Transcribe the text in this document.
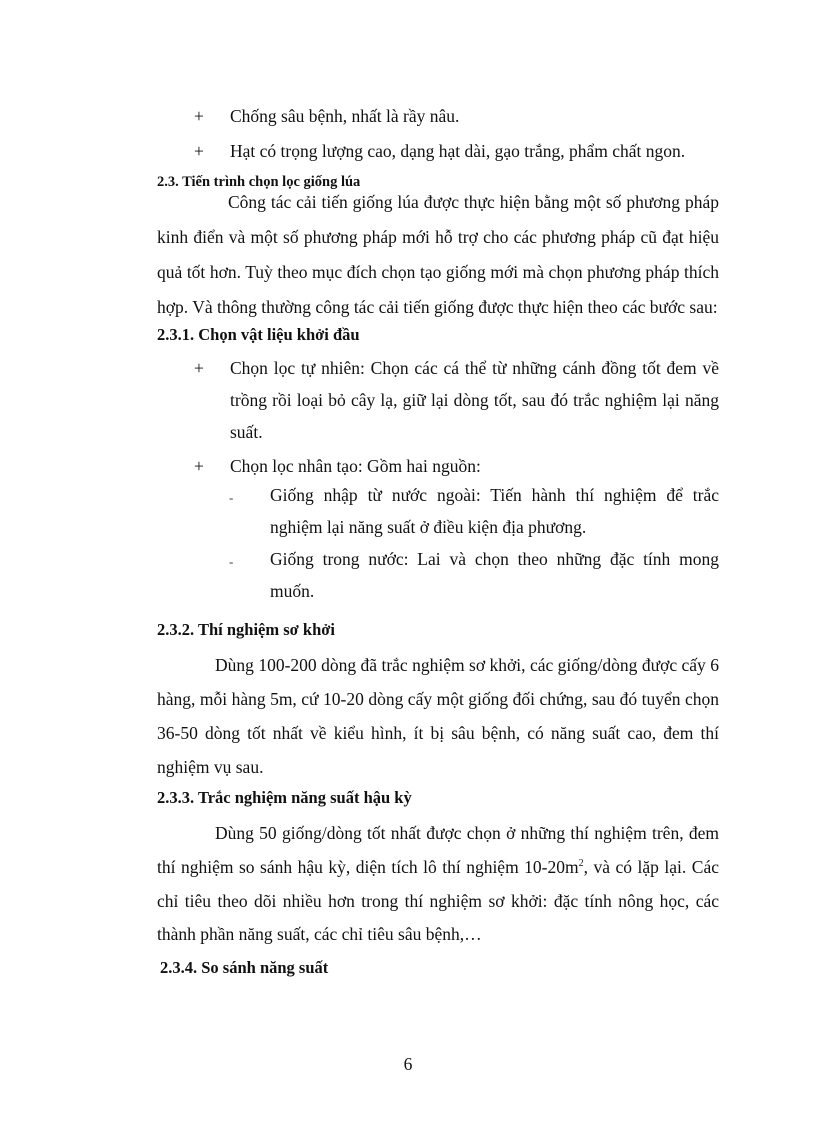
+ Chống sâu bệnh, nhất là rầy nâu.
+ Hạt có trọng lượng cao, dạng hạt dài, gạo trắng, phẩm chất ngon.
2.3. Tiến trình chọn lọc giống lúa
Công tác cải tiến giống lúa được thực hiện bằng một số phương pháp
kinh điển và một số phương pháp mới hỗ trợ cho các phương pháp cũ đạt hiệu
quả tốt hơn. Tuỳ theo mục đích chọn tạo giống mới mà chọn phương pháp thích
hợp. Và thông thường công tác cải tiến giống được thực hiện theo các bước sau:
2.3.1. Chọn vật liệu khởi đầu
+ Chọn lọc tự nhiên: Chọn các cá thể từ những cánh đồng tốt đem về
trồng rồi loại bỏ cây lạ, giữ lại dòng tốt, sau đó trắc nghiệm lại năng
suất.
+ Chọn lọc nhân tạo: Gồm hai nguồn:
- Giống nhập từ nước ngoài: Tiến hành thí nghiệm để trắc
nghiệm lại năng suất ở điều kiện địa phương.
- Giống trong nước: Lai và chọn theo những đặc tính mong
muốn.
2.3.2. Thí nghiệm sơ khởi
Dùng 100-200 dòng đã trắc nghiệm sơ khởi, các giống/dòng được cấy 6
hàng, mỗi hàng 5m, cứ 10-20 dòng cấy một giống đối chứng, sau đó tuyển chọn
36-50 dòng tốt nhất về kiểu hình, ít bị sâu bệnh, có năng suất cao, đem thí
nghiệm vụ sau.
2.3.3. Trắc nghiệm năng suất hậu kỳ
Dùng 50 giống/dòng tốt nhất được chọn ở những thí nghiệm trên, đem
thí nghiệm so sánh hậu kỳ, diện tích lô thí nghiệm $10-20m^2$, và có lặp lại. Các
chỉ tiêu theo dõi nhiều hơn trong thí nghiệm sơ khởi: đặc tính nông học, các
thành phần năng suất, các chỉ tiêu sâu bệnh,…
2.3.4. So sánh năng suất
6
